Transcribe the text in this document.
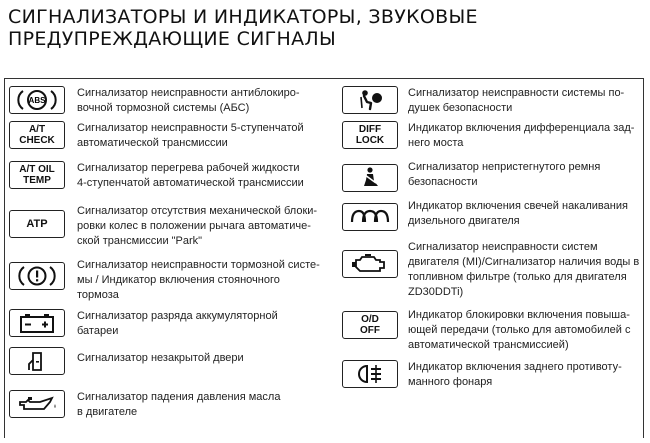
СИГНАЛИЗАТОРЫ И ИНДИКАТОРЫ, ЗВУКОВЫЕ
ПРЕДУПРЕЖДАЮЩИЕ СИГНАЛЫ
ABS
Сигнализатор неисправности антиблокиро-
вочной тормозной системы (АБС)
A/T
CHECK
Сигнализатор неисправности 5-ступенчатой
автоматической трансмиссии
A/T OIL
TEMP
Сигнализатор перегрева рабочей жидкости
4-ступенчатой автоматической трансмиссии
ATP
Сигнализатор отсутствия механической блоки-
ровки колес в положении рычага автоматиче-
ской трансмиссии "Park"
Сигнализатор неисправности тормозной систе-
мы / Индикатор включения стояночного
тормоза
Сигнализатор разряда аккумуляторной
батареи
Сигнализатор незакрытой двери
Сигнализатор падения давления масла
в двигателе
Сигнализатор неисправности системы по-
душек безопасности
DIFF
LOCK
Индикатор включения дифференциала зад-
него моста
Сигнализатор непристегнутого ремня
безопасности
Индикатор включения свечей накаливания
дизельного двигателя
Сигнализатор неисправности систем
двигателя (MI)/Сигнализатор наличия воды в
топливном фильтре (только для двигателя
ZD30DDTi)
O/D
OFF
Индикатор блокировки включения повыша-
ющей передачи (только для автомобилей с
автоматической трансмиссией)
Индикатор включения заднего противоту-
манного фонаря
